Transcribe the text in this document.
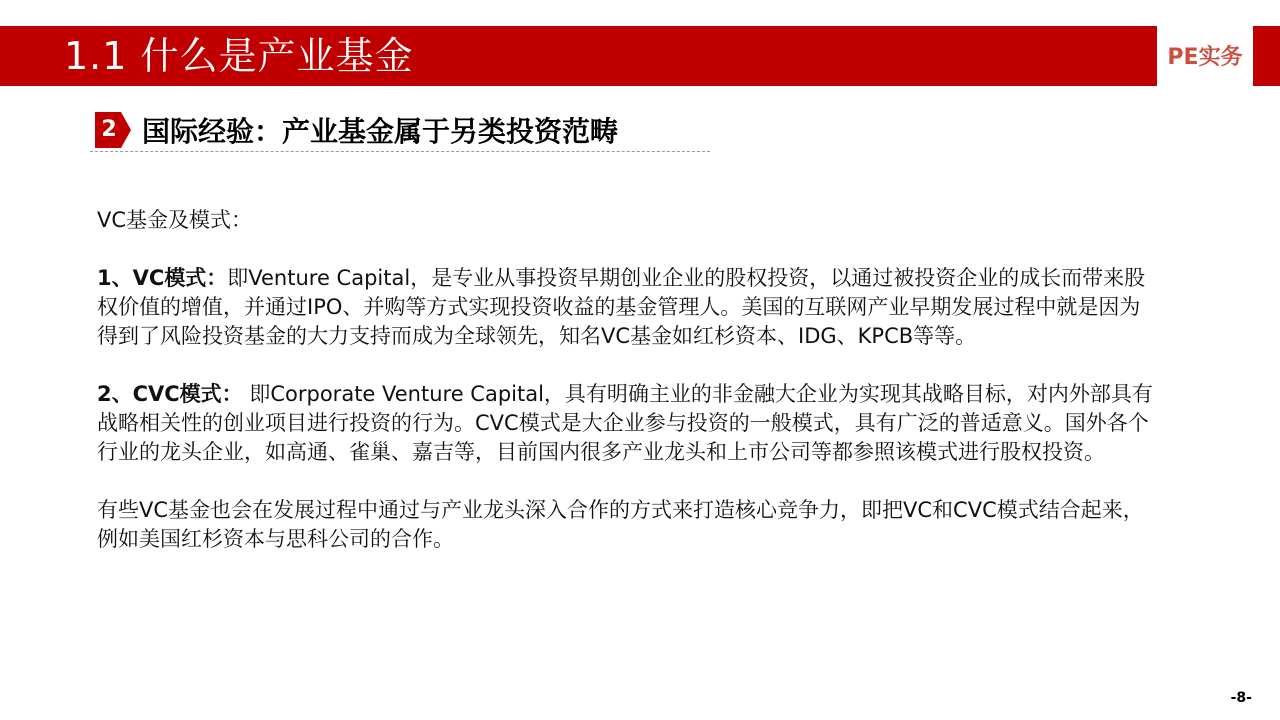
1.1 什么是产业基金	PE实务
2 国际经验：产业基金属于另类投资范畴

VC基金及模式：

1、VC模式：即Venture Capital，是专业从事投资早期创业企业的股权投资，以通过被投资企业的成长而带来股权价值的增值，并通过IPO、并购等方式实现投资收益的基金管理人。美国的互联网产业早期发展过程中就是因为得到了风险投资基金的大力支持而成为全球领先，知名VC基金如红杉资本、IDG、KPCB等等。

2、CVC模式： 即Corporate Venture Capital，具有明确主业的非金融大企业为实现其战略目标，对内外部具有战略相关性的创业项目进行投资的行为。CVC模式是大企业参与投资的一般模式，具有广泛的普适意义。国外各个行业的龙头企业，如高通、雀巢、嘉吉等，目前国内很多产业龙头和上市公司等都参照该模式进行股权投资。

有些VC基金也会在发展过程中通过与产业龙头深入合作的方式来打造核心竞争力，即把VC和CVC模式结合起来，例如美国红杉资本与思科公司的合作。

-8-
